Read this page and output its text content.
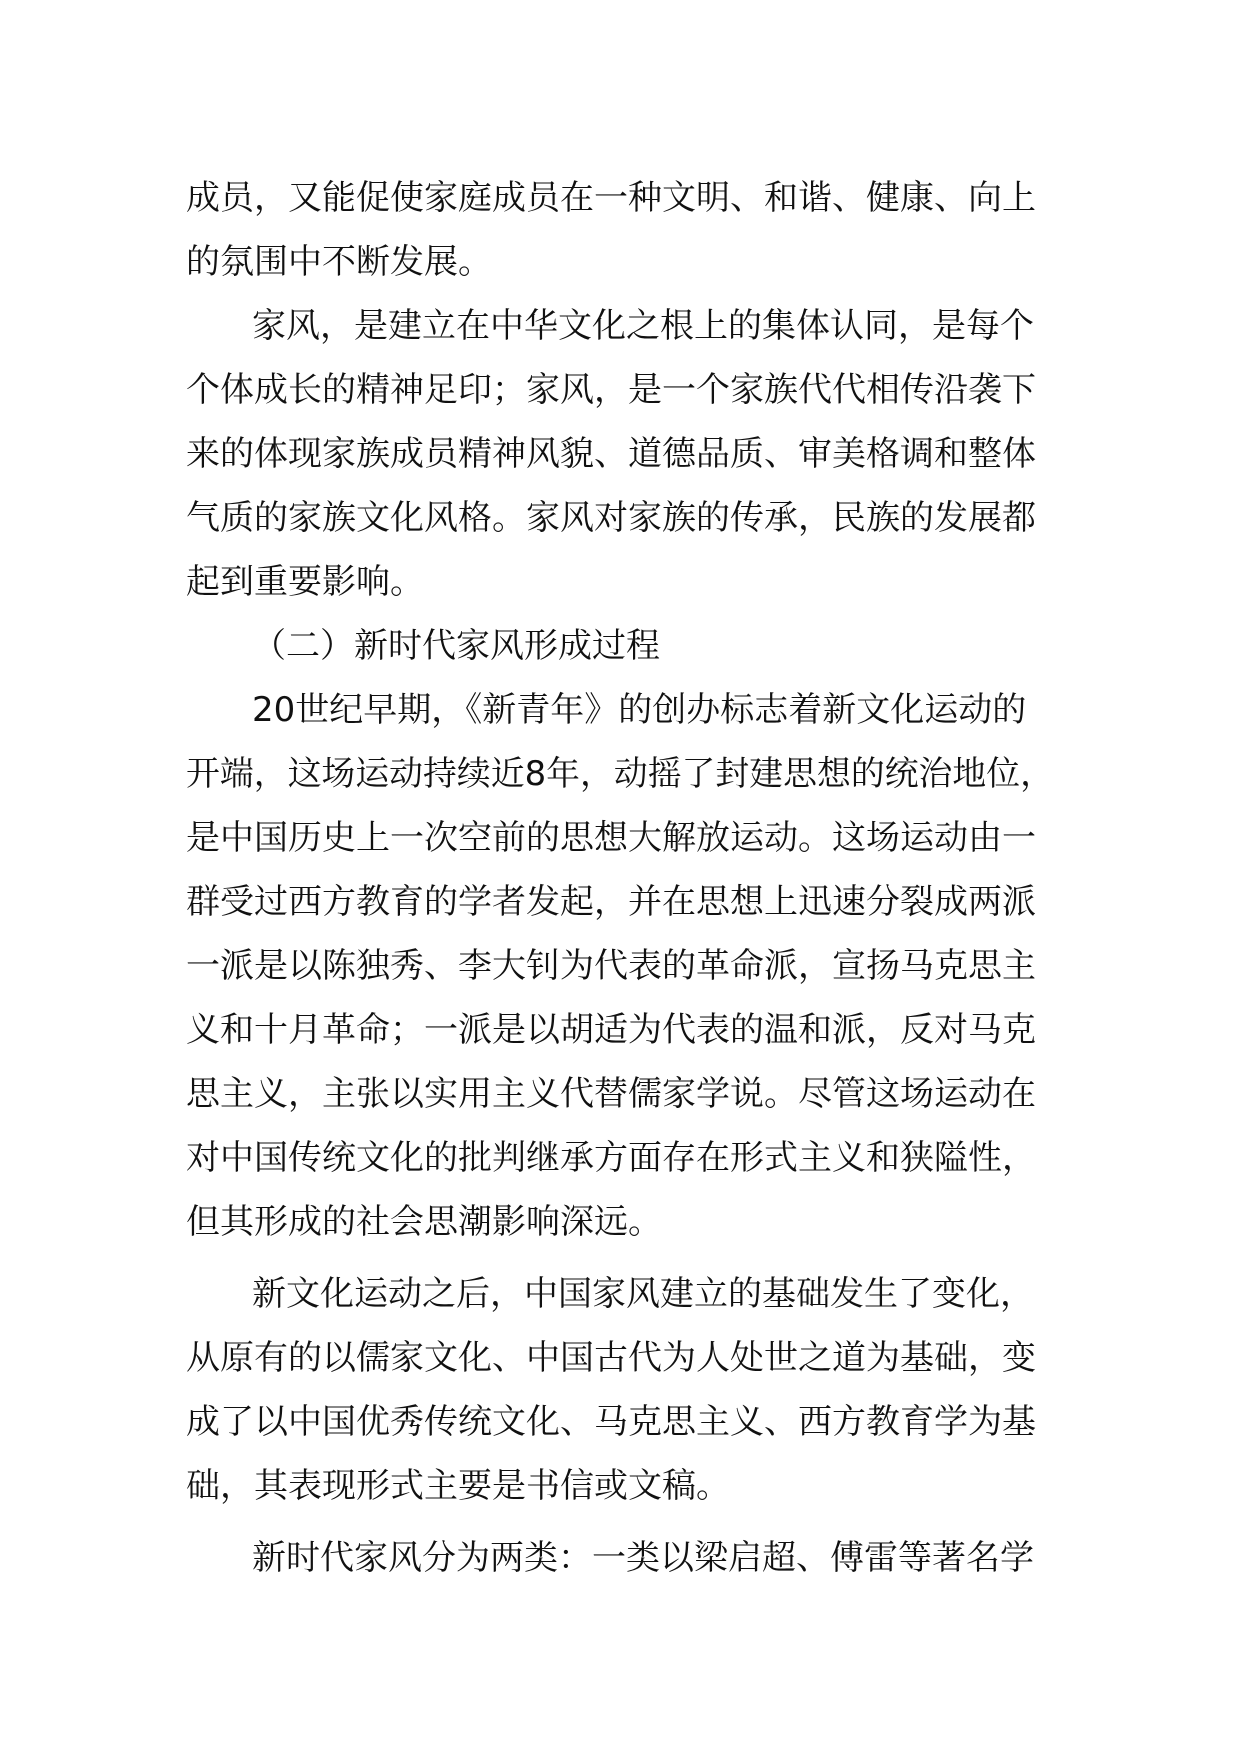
成员，又能促使家庭成员在一种文明、和谐、健康、向上

的氛围中不断发展。

家风，是建立在中华文化之根上的集体认同，是每个

个体成长的精神足印；家风，是一个家族代代相传沿袭下

来的体现家族成员精神风貌、道德品质、审美格调和整体

气质的家族文化风格。家风对家族的传承，民族的发展都

起到重要影响。

（二）新时代家风形成过程

20世纪早期，《新青年》的创办标志着新文化运动的

开端，这场运动持续近8年，动摇了封建思想的统治地位，

是中国历史上一次空前的思想大解放运动。这场运动由一

群受过西方教育的学者发起，并在思想上迅速分裂成两派

一派是以陈独秀、李大钊为代表的革命派，宣扬马克思主

义和十月革命；一派是以胡适为代表的温和派，反对马克

思主义，主张以实用主义代替儒家学说。尽管这场运动在

对中国传统文化的批判继承方面存在形式主义和狭隘性，

但其形成的社会思潮影响深远。

新文化运动之后，中国家风建立的基础发生了变化，

从原有的以儒家文化、中国古代为人处世之道为基础，变

成了以中国优秀传统文化、马克思主义、西方教育学为基

础，其表现形式主要是书信或文稿。

新时代家风分为两类：一类以梁启超、傅雷等著名学
